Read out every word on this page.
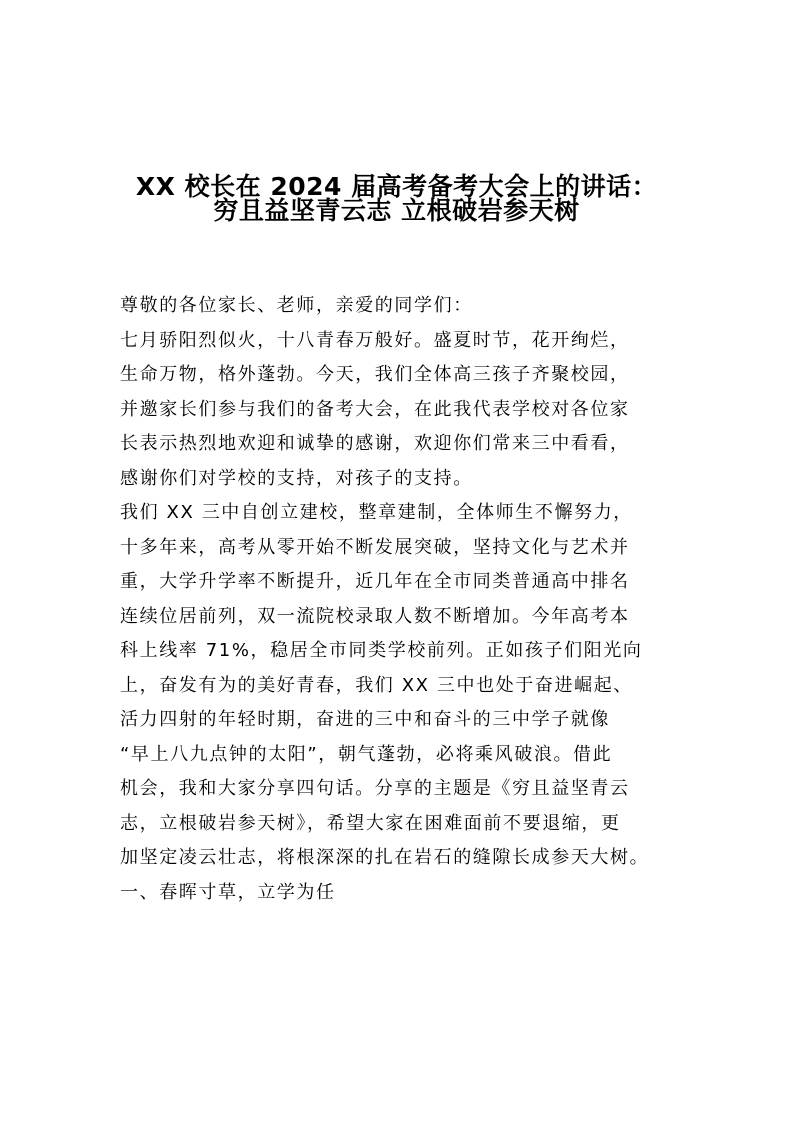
XX 校长在 2024 届高考备考大会上的讲话：
穷且益坚青云志 立根破岩参天树
尊敬的各位家长、老师，亲爱的同学们：
七月骄阳烈似火，十八青春万般好。盛夏时节，花开绚烂，
生命万物，格外蓬勃。今天，我们全体高三孩子齐聚校园，
并邀家长们参与我们的备考大会，在此我代表学校对各位家
长表示热烈地欢迎和诚挚的感谢，欢迎你们常来三中看看，
感谢你们对学校的支持，对孩子的支持。
我们 XX 三中自创立建校，整章建制，全体师生不懈努力，
十多年来，高考从零开始不断发展突破，坚持文化与艺术并
重，大学升学率不断提升，近几年在全市同类普通高中排名
连续位居前列，双一流院校录取人数不断增加。今年高考本
科上线率 71%，稳居全市同类学校前列。正如孩子们阳光向
上，奋发有为的美好青春，我们 XX 三中也处于奋进崛起、
活力四射的年轻时期，奋进的三中和奋斗的三中学子就像
“早上八九点钟的太阳”，朝气蓬勃，必将乘风破浪。借此
机会，我和大家分享四句话。分享的主题是《穷且益坚青云
志，立根破岩参天树》，希望大家在困难面前不要退缩，更
加坚定凌云壮志，将根深深的扎在岩石的缝隙长成参天大树。
一、春晖寸草，立学为任
